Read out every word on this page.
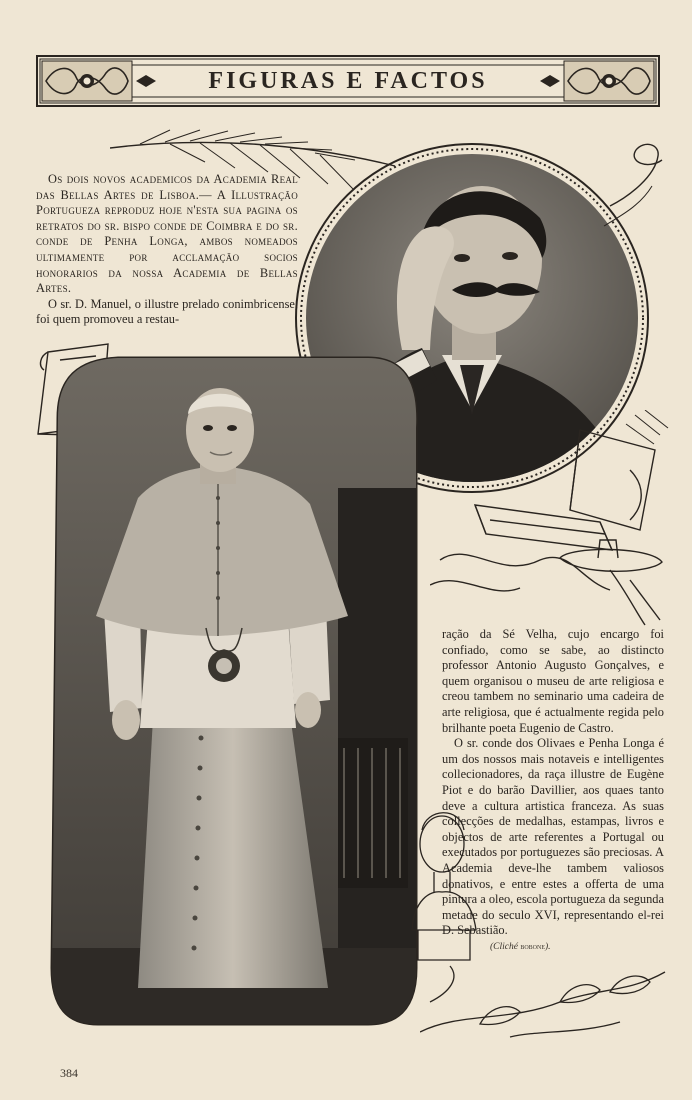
FIGURAS E FACTOS

Os dois novos academicos da Academia Real das Bellas Artes de Lisboa.— A Illustração Portugueza reproduz hoje n'esta sua pagina os retratos do sr. bispo conde de Coimbra e do sr. conde de Penha Longa, ambos nomeados ultimamente por acclamação socios honorarios da nossa Academia de Bellas Artes.

O sr. D. Manuel, o illustre prelado conimbricense, foi quem promoveu a restau-

ração da Sé Velha, cujo encargo foi confiado, como se sabe, ao distincto professor Antonio Augusto Gonçalves, e quem organisou o museu de arte religiosa e creou tambem no seminario uma cadeira de arte religiosa, que é actualmente regida pelo brilhante poeta Eugenio de Castro.

O sr. conde dos Olivaes e Penha Longa é um dos nossos mais notaveis e intelligentes collecionadores, da raça illustre de Eugène Piot e do barão Davillier, aos quaes tanto deve a cultura artistica franceza. As suas collecções de medalhas, estampas, livros e objectos de arte referentes a Portugal ou executados por portuguezes são preciosas. A Academia deve-lhe tambem valiosos donativos, e entre estes a offerta de uma pintura a oleo, escola portugueza da segunda metade do seculo XVI, representando el-rei D. Sebastião.

(Cliché bobone).
384
